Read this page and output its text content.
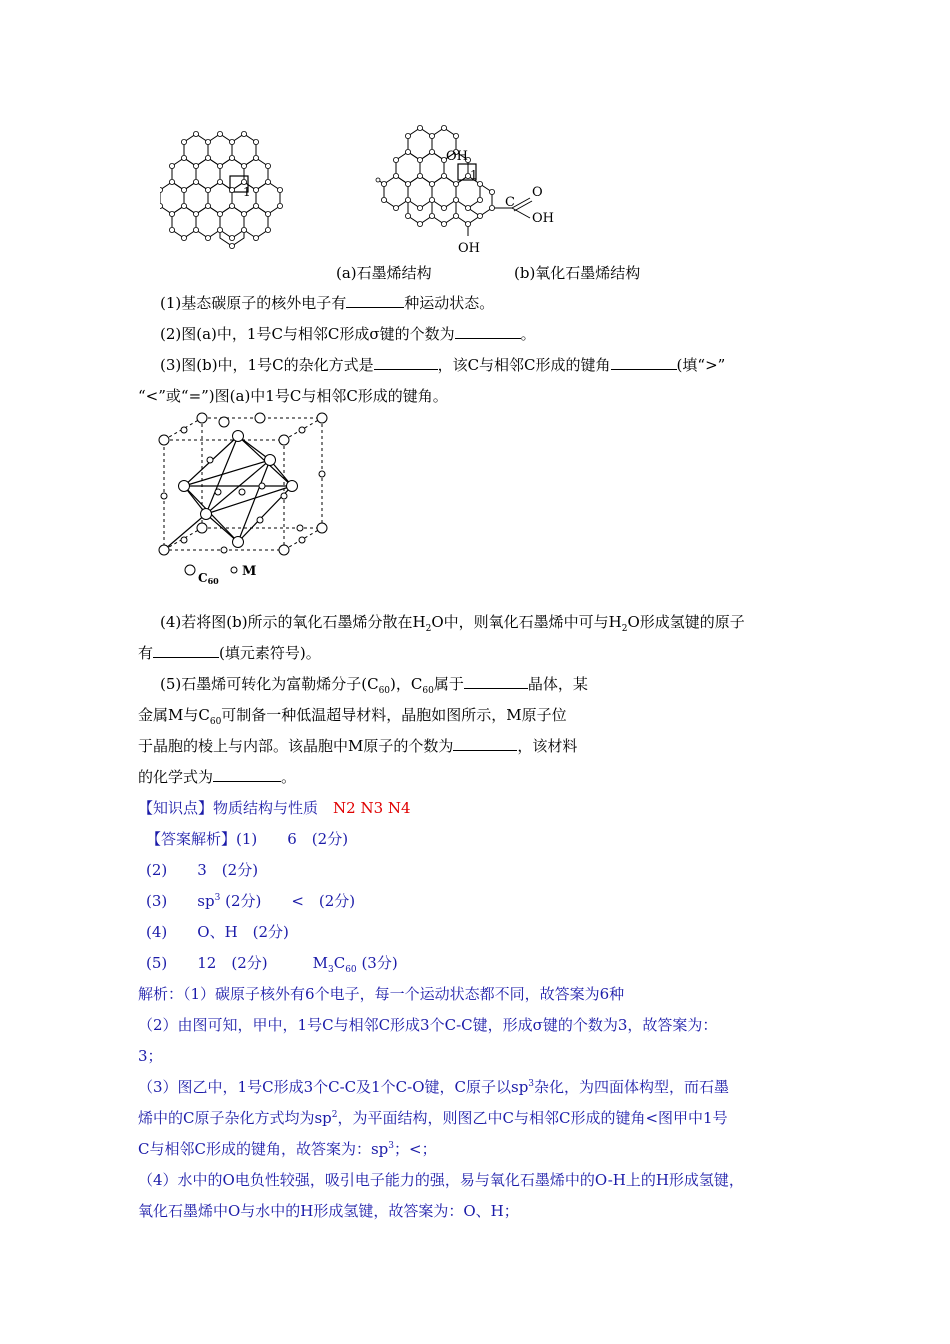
1
OH
1
O
C
OH
OH
(a)石墨烯结构	(b)氧化石墨烯结构
(1)基态碳原子的核外电子有	种运动状态。
(2)图(a)中，1号C与相邻C形成σ键的个数为	。
(3)图(b)中，1号C的杂化方式是	，该C与相邻C形成的键角	(填“>”
“<”或“=”)图(a)中1号C与相邻C形成的键角。
C60
M
(4)若将图(b)所示的氧化石墨烯分散在$H_2O$中，则氧化石墨烯中可与$H_2O$形成氢键的原子
有	(填元素符号)。
(5)石墨烯可转化为富勒烯分子$(C_{60})$，$C_{60}$属于	晶体，某
金属M与$C_{60}$可制备一种低温超导材料，晶胞如图所示，M原子位
于晶胞的棱上与内部。该晶胞中M原子的个数为	，该材料
的化学式为	。
【知识点】物质结构与性质　 N2 N3 N4
【答案解析】(1)　　 6　(2分)
(2)　　 3　(2分)
(3)　　 $sp^3$ (2分)　　<　(2分)
(4)　　 O、H　(2分)
(5)　　 12　(2分)　　　	$M_3C_{60}$ (3分)
解析：（1）碳原子核外有6个电子，每一个运动状态都不同，故答案为6种
（2）由图可知，甲中，1号C与相邻C形成3个C-C键，形成σ键的个数为3，故答案为：
3；
（3）图乙中，1号C形成3个C-C及1个C-O键，C原子以$sp^3$杂化，为四面体构型，而石墨
烯中的C原子杂化方式均为$sp^2$，为平面结构，则图乙中C与相邻C形成的键角<图甲中1号
C与相邻C形成的键角，故答案为：$sp^3$；<；
（4）水中的O电负性较强，吸引电子能力的强，易与氧化石墨烯中的O-H上的H形成氢键，
氧化石墨烯中O与水中的H形成氢键，故答案为：O、H；
